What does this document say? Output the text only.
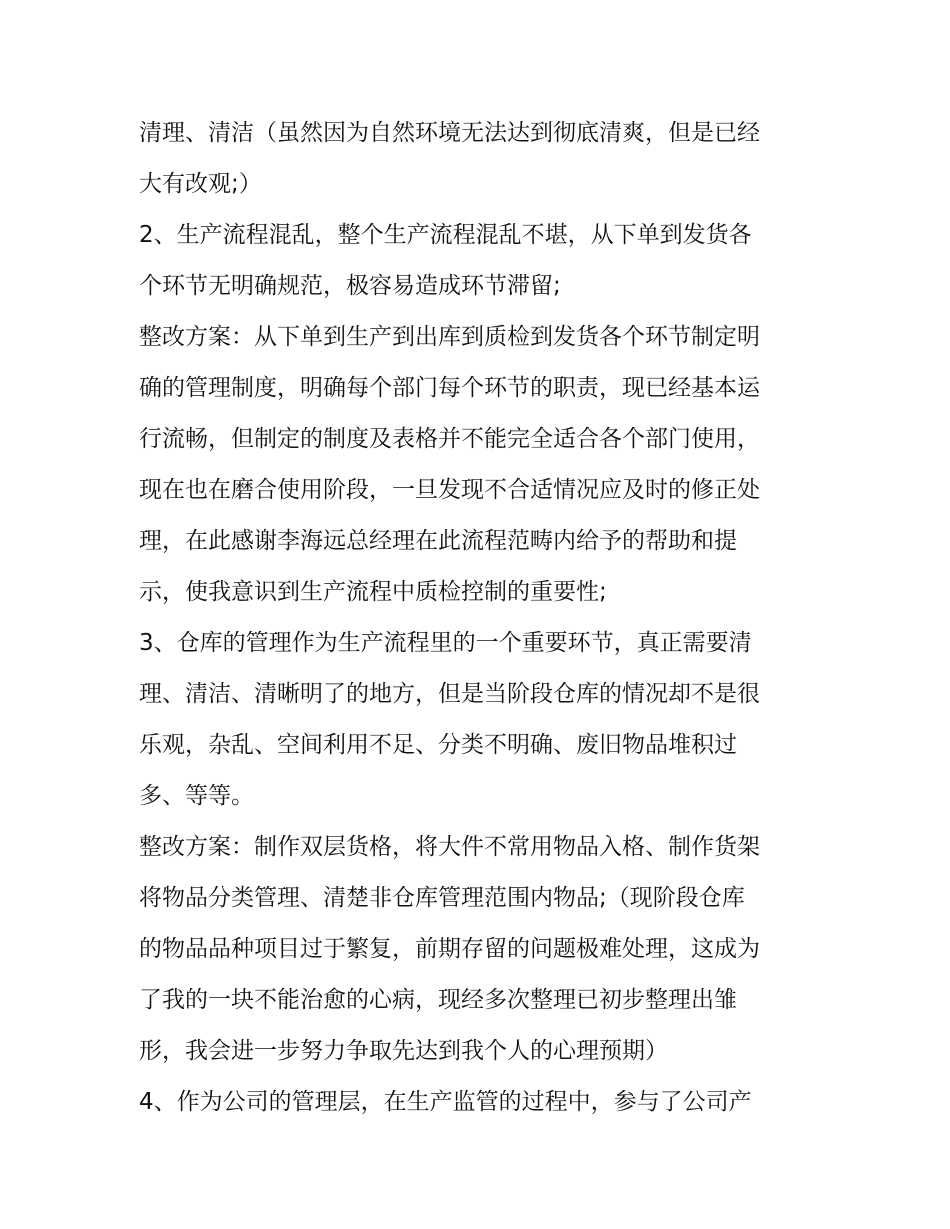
清理、清洁（虽然因为自然环境无法达到彻底清爽，但是已经
大有改观;）
2、生产流程混乱，整个生产流程混乱不堪，从下单到发货各
个环节无明确规范，极容易造成环节滞留;
整改方案：从下单到生产到出库到质检到发货各个环节制定明
确的管理制度，明确每个部门每个环节的职责，现已经基本运
行流畅，但制定的制度及表格并不能完全适合各个部门使用，
现在也在磨合使用阶段，一旦发现不合适情况应及时的修正处
理，在此感谢李海远总经理在此流程范畴内给予的帮助和提
示，使我意识到生产流程中质检控制的重要性;
3、仓库的管理作为生产流程里的一个重要环节，真正需要清
理、清洁、清晰明了的地方，但是当阶段仓库的情况却不是很
乐观，杂乱、空间利用不足、分类不明确、废旧物品堆积过
多、等等。
整改方案：制作双层货格，将大件不常用物品入格、制作货架
将物品分类管理、清楚非仓库管理范围内物品;（现阶段仓库
的物品品种项目过于繁复，前期存留的问题极难处理，这成为
了我的一块不能治愈的心病，现经多次整理已初步整理出雏
形，我会进一步努力争取先达到我个人的心理预期）
4、作为公司的管理层，在生产监管的过程中，参与了公司产
